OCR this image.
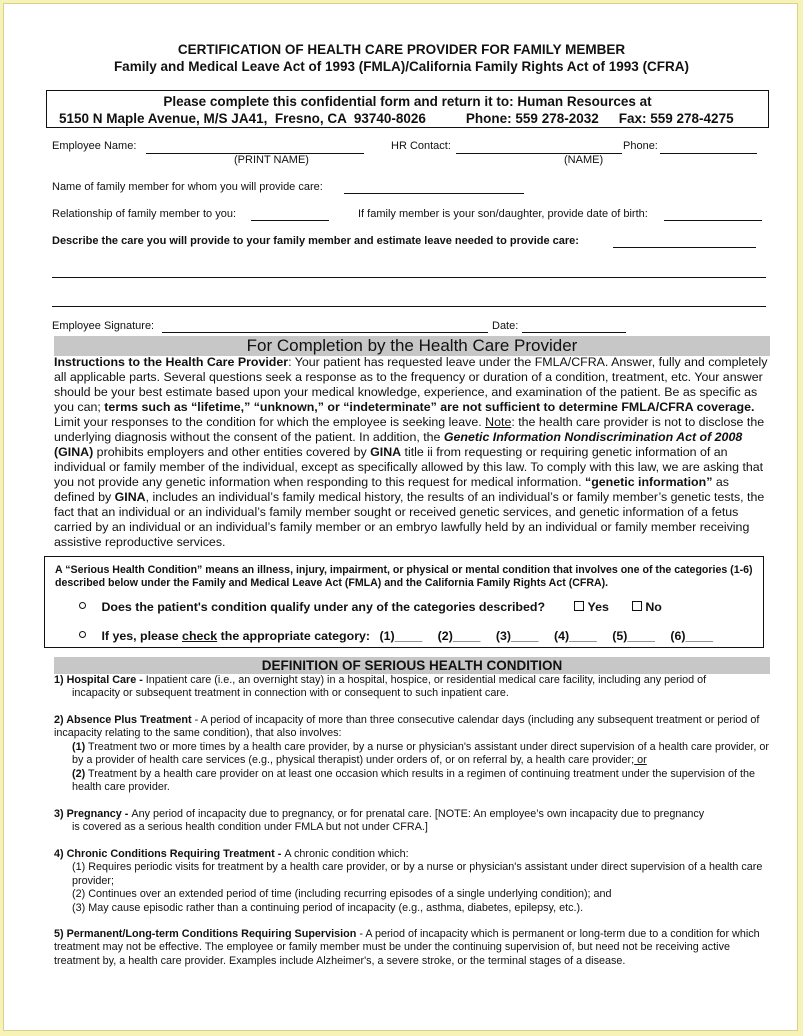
CERTIFICATION OF HEALTH CARE PROVIDER FOR FAMILY MEMBER
Family and Medical Leave Act of 1993 (FMLA)/California Family Rights Act of 1993 (CFRA)
Please complete this confidential form and return it to: Human Resources at
5150 N Maple Avenue, M/S JA41,  Fresno, CA  93740-8026	Phone: 559 278-2032 Fax: 559 278-4275
Employee Name:
(PRINT NAME)
HR Contact:
(NAME)
Phone:
Name of family member for whom you will provide care:
Relationship of family member to you:	If family member is your son/daughter, provide date of birth:
Describe the care you will provide to your family member and estimate leave needed to provide care:
Employee Signature:	Date:
For Completion by the Health Care Provider
Instructions to the Health Care Provider: Your patient has requested leave under the FMLA/CFRA. Answer, fully and completely all applicable parts. Several questions seek a response as to the frequency or duration of a condition, treatment, etc. Your answer should be your best estimate based upon your medical knowledge, experience, and examination of the patient. Be as specific as you can; terms such as “lifetime,” “unknown,” or “indeterminate” are not sufficient to determine FMLA/CFRA coverage. Limit your responses to the condition for which the employee is seeking leave. Note: the health care provider is not to disclose the underlying diagnosis without the consent of the patient. In addition, the Genetic Information Nondiscrimination Act of 2008 (GINA) prohibits employers and other entities covered by GINA title ii from requesting or requiring genetic information of an individual or family member of the individual, except as specifically allowed by this law. To comply with this law, we are asking that you not provide any genetic information when responding to this request for medical information. “genetic information” as defined by GINA, includes an individual’s family medical history, the results of an individual’s or family member’s genetic tests, the fact that an individual or an individual’s family member sought or received genetic services, and genetic information of a fetus carried by an individual or an individual’s family member or an embryo lawfully held by an individual or family member receiving assistive reproductive services.
A “Serious Health Condition” means an illness, injury, impairment, or physical or mental condition that involves one of the categories (1-6) described below under the Family and Medical Leave Act (FMLA) and the California Family Rights Act (CFRA).
Does the patient's condition qualify under any of the categories described?	Yes	No
If yes, please check the appropriate category: (1)____ (2)____ (3)____ (4)____ (5)____ (6)____
DEFINITION OF SERIOUS HEALTH CONDITION

1) Hospital Care - Inpatient care (i.e., an overnight stay) in a hospital, hospice, or residential medical care facility, including any period of

incapacity or subsequent treatment in connection with or consequent to such inpatient care.

2) Absence Plus Treatment - A period of incapacity of more than three consecutive calendar days (including any subsequent treatment or period of incapacity relating to the same condition), that also involves:

(1) Treatment two or more times by a health care provider, by a nurse or physician's assistant under direct supervision of a health care provider, or by a provider of health care services (e.g., physical therapist) under orders of, or on referral by, a health care provider; or

(2) Treatment by a health care provider on at least one occasion which results in a regimen of continuing treatment under the supervision of the health care provider.

3) Pregnancy - Any period of incapacity due to pregnancy, or for prenatal care. [NOTE: An employee’s own incapacity due to pregnancy

is covered as a serious health condition under FMLA but not under CFRA.]

4) Chronic Conditions Requiring Treatment - A chronic condition which:

(1) Requires periodic visits for treatment by a health care provider, or by a nurse or physician's assistant under direct supervision of a health care provider;

(2) Continues over an extended period of time (including recurring episodes of a single underlying condition); and

(3) May cause episodic rather than a continuing period of incapacity (e.g., asthma, diabetes, epilepsy, etc.).

5) Permanent/Long-term Conditions Requiring Supervision - A period of incapacity which is permanent or long-term due to a condition for which treatment may not be effective. The employee or family member must be under the continuing supervision of, but need not be receiving active treatment by, a health care provider. Examples include Alzheimer's, a severe stroke, or the terminal stages of a disease.
